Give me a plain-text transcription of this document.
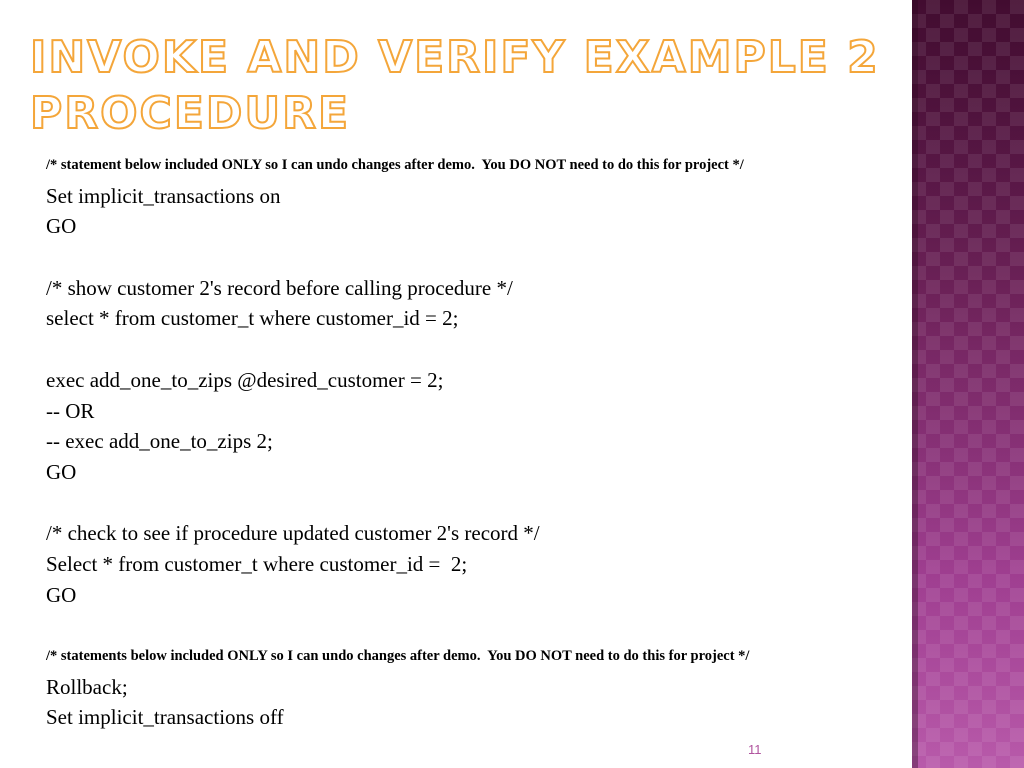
INVOKE AND VERIFY EXAMPLE 2 PROCEDURE
/* statement below included ONLY so I can undo changes after demo.  You DO NOT need to do this for project */
Set implicit_transactions on
GO
/* show customer 2's record before calling procedure */
select * from customer_t where customer_id = 2;
exec add_one_to_zips @desired_customer = 2;
-- OR
-- exec add_one_to_zips 2;
GO
/* check to see if procedure updated customer 2's record */
Select * from customer_t where customer_id =  2;
GO
/* statements below included ONLY so I can undo changes after demo.  You DO NOT need to do this for project */
Rollback;
Set implicit_transactions off
11
